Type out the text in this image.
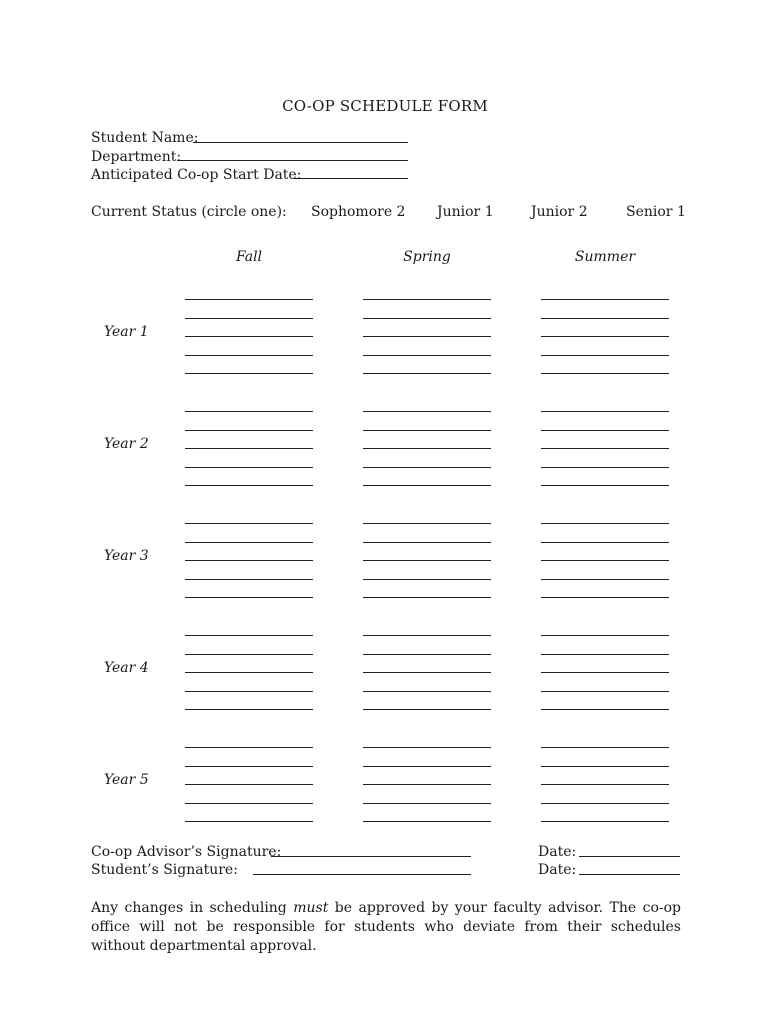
CO-OP SCHEDULE FORM
Student Name:
Department:
Anticipated Co-op Start Date:
Current Status (circle one): Sophomore 2 Junior 1	Junior 2	Senior 1
Fall	Spring	Summer
Year 1
Year 2
Year 3
Year 4
Year 5
Co-op Advisor’s Signature:	Date:
Student’s Signature:	Date:
Any changes in scheduling must be approved by your faculty advisor. The co-op office will not be responsible for students who deviate from their schedules without departmental approval.
